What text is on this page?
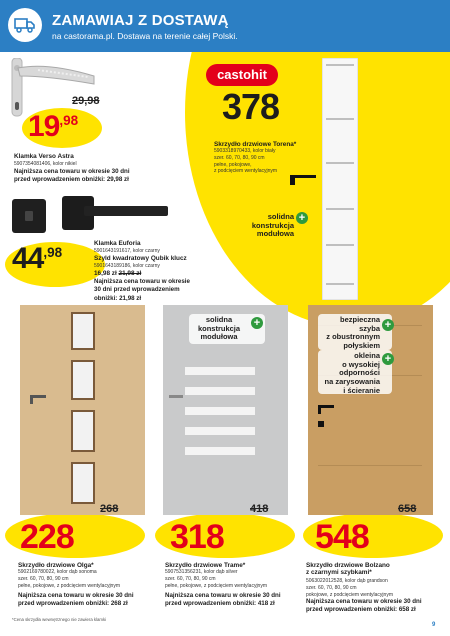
ZAMAWIAJ Z DOSTAWĄ
na castorama.pl. Dostawa na terenie całej Polski.
29,98
$19^{,98}$
Klamka Verso Astra
5907354081406, kolor nikiel
Najniższa cena towaru w okresie 30 dni
przed wprowadzeniem obniżki: 29,98 zł
$44^{,98}$
Klamka Euforia
5901643191617, kolor czarny
Szyld kwadratowy Qubik klucz
5901643189186, kolor czarny
16,98 zł 21,98 zł
Najniższa cena towaru w okresie
30 dni przed wprowadzeniem
obniżki: 21,98 zł
castohit
378
Skrzydło drzwiowe Torena*
5903318970433, kolor biały
szer. 60, 70, 80, 90 cm
pełne, pokojowe,
z podcięciem wentylacyjnym
solidna
konstrukcja
modułowa
+
268
228
Skrzydło drzwiowe Olga*
5902169780022, kolor dąb sonoma
szer. 60, 70, 80, 90 cm
pełne, pokojowe, z podcięciem wentylacyjnym
Najniższa cena towaru w okresie 30 dni
przed wprowadzeniem obniżki: 268 zł
solidna
konstrukcja
modułowa
+
418
318
Skrzydło drzwiowe Trame*
5907531356231, kolor dąb silver
szer. 60, 70, 80, 90 cm
pełne, pokojowe, z podcięciem wentylacyjnym
Najniższa cena towaru w okresie 30 dni
przed wprowadzeniem obniżki: 418 zł
bezpieczna
szyba
z obustronnym
połyskiem
+
okleina
o wysokiej
odporności
na zarysowania
i ścieranie
+
658
548
Skrzydło drzwiowe Bolzano
z czarnymi szybkami*
5063022012528, kolor dąb grandson
szer. 60, 70, 80, 90 cm
pokojowe, z podcięciem wentylacyjnym
Najniższa cena towaru w okresie 30 dni
przed wprowadzeniem obniżki: 658 zł
*Cena skrzydła wewnętrznego nie zawiera klamki
9
